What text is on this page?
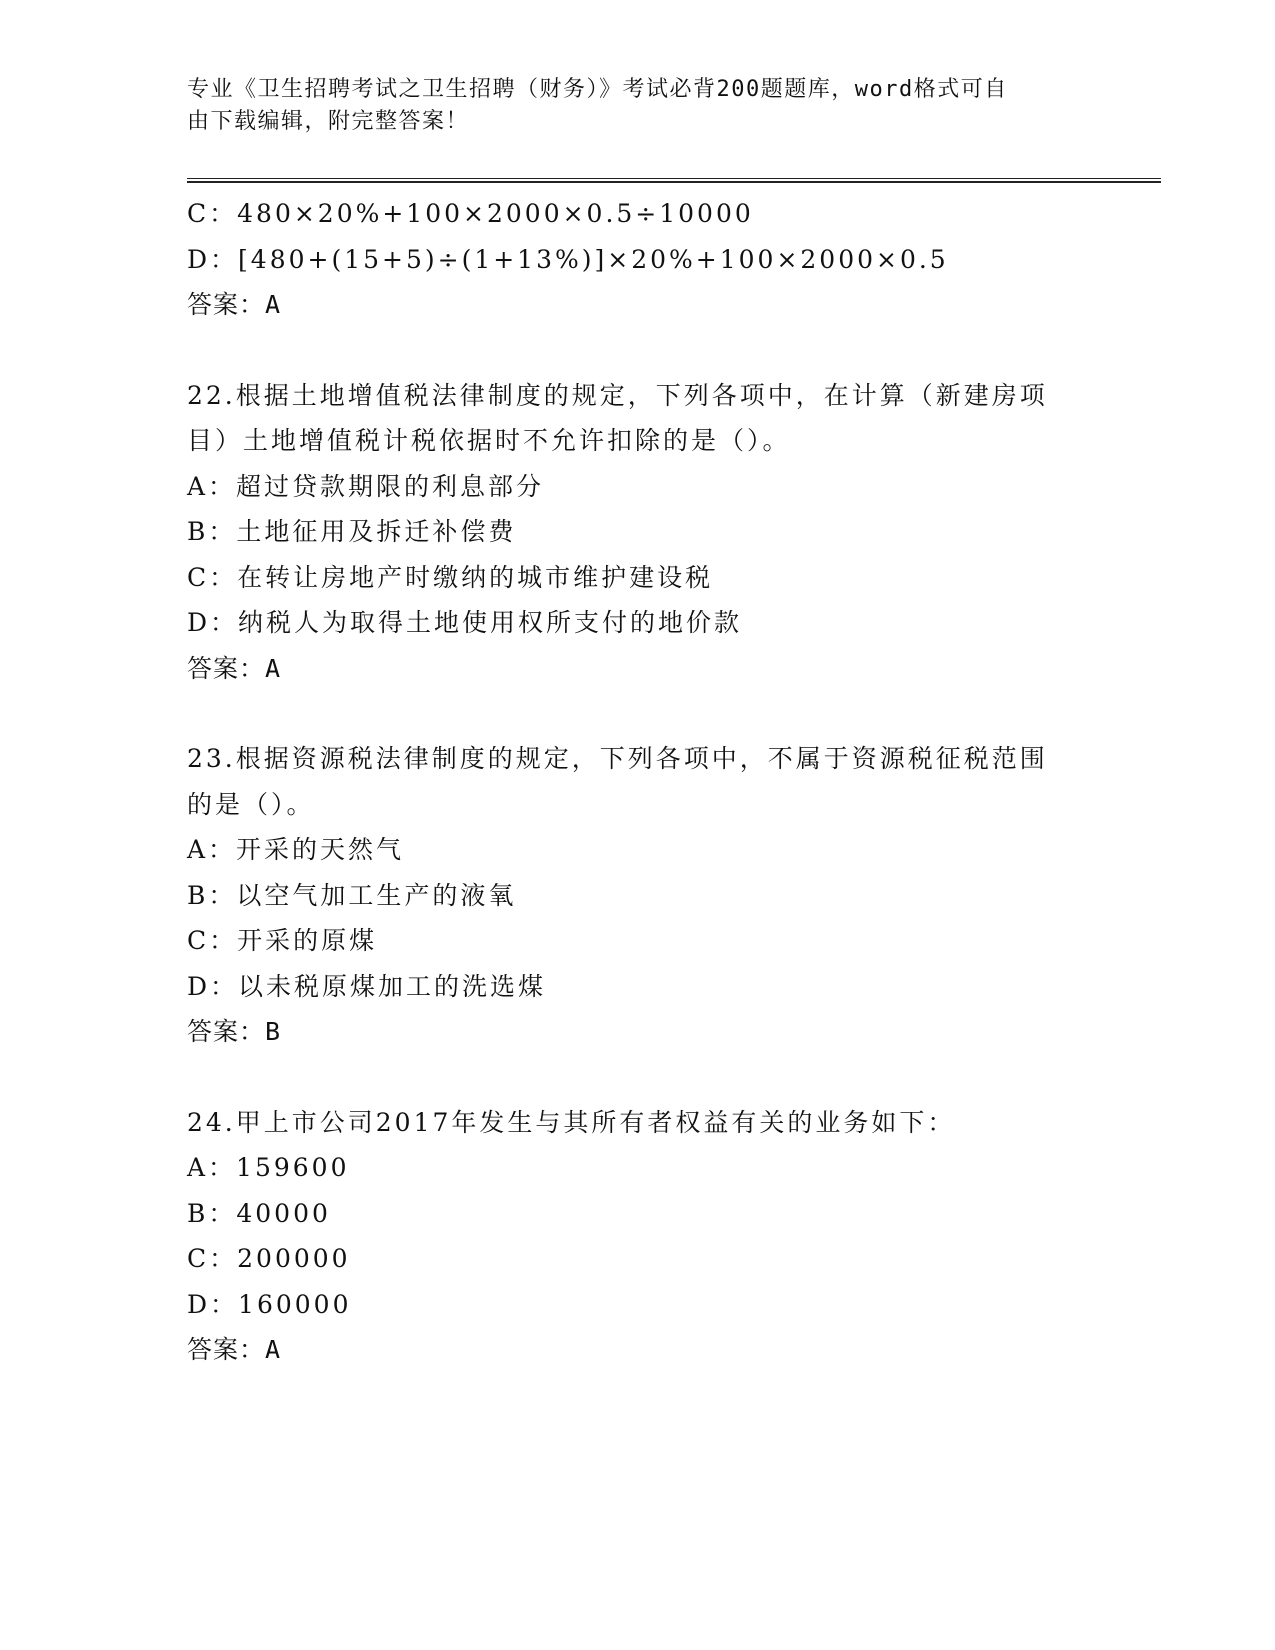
专业《卫生招聘考试之卫生招聘（财务）》考试必背200题题库，word格式可自
由下载编辑，附完整答案！
C：480×20%+100×2000×0.5÷10000
D：[480+(15+5)÷(1+13%)]×20%+100×2000×0.5
答案：A
22.根据土地增值税法律制度的规定，下列各项中，在计算（新建房项
目）土地增值税计税依据时不允许扣除的是（）。
A：超过贷款期限的利息部分
B：土地征用及拆迁补偿费
C：在转让房地产时缴纳的城市维护建设税
D：纳税人为取得土地使用权所支付的地价款
答案：A
23.根据资源税法律制度的规定，下列各项中，不属于资源税征税范围
的是（）。
A：开采的天然气
B：以空气加工生产的液氧
C：开采的原煤
D：以未税原煤加工的洗选煤
答案：B
24.甲上市公司2017年发生与其所有者权益有关的业务如下：
A：159600
B：40000
C：200000
D：160000
答案：A
